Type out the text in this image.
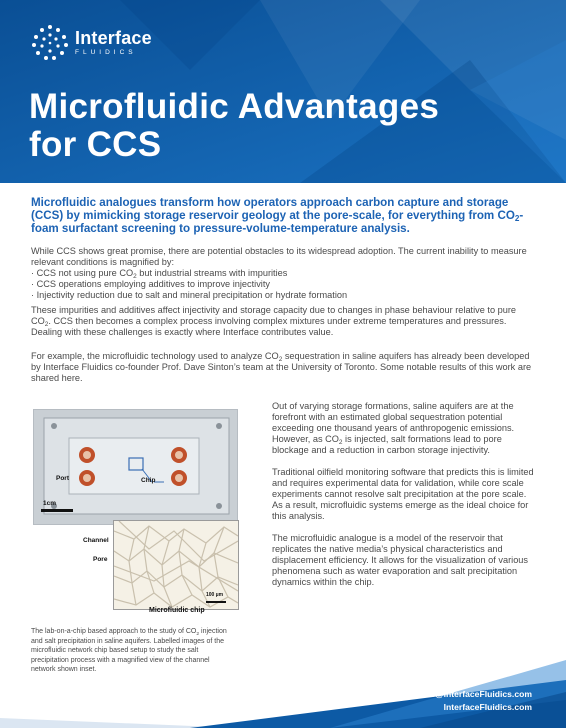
Interface
FLUIDICS
Microfluidic Advantages
for CCS

Microfluidic analogues transform how operators approach carbon capture and storage (CCS) by mimicking storage reservoir geology at the pore-scale, for everything from $CO_2$-foam surfactant screening to pressure-volume-temperature analysis.

While CCS shows great promise, there are potential obstacles to its widespread adoption. The current inability to measure relevant conditions is magnified by:
· CCS not using pure $CO_2$ but industrial streams with impurities
· CCS operations employing additives to improve injectivity
· Injectivity reduction due to salt and mineral precipitation or hydrate formation

These impurities and additives affect injectivity and storage capacity due to changes in phase behaviour relative to pure $CO_2$. CCS then becomes a complex process involving complex mixtures under extreme temperatures and pressures. Dealing with these challenges is exactly where Interface contributes value.

For example, the microfluidic technology used to analyze $CO_2$ sequestration in saline aquifers has already been developed by Interface Fluidics co-founder Prof. Dave Sinton’s team at the University of Toronto. Some notable results of this work are shared here.

Out of varying storage formations, saline aquifers are at the forefront with an estimated global sequestration potential exceeding one thousand years of anthropogenic emissions. However, as $CO_2$ is injected, salt formations lead to pore blockage and a reduction in carbon storage injectivity.

Traditional oilfield monitoring software that predicts this is limited and requires experimental data for validation, while core scale experiments cannot resolve salt precipitation at the pore scale. As a result, microfluidic systems emerge as the ideal choice for this analysis.

The microfluidic analogue is a model of the reservoir that replicates the native media’s physical characteristics and displacement efficiency. It allows for the visualization of various phenomena such as water evaporation and salt precipitation dynamics within the chip.

Port	Chip
1cm
Channel
Pore
100 µm
Microfluidic chip

The lab-on-a-chip based approach to the study of $CO_2$ injection and salt precipitation in saline aquifers. Labelled images of the microfluidic network chip based setup to study the salt precipitation process with a magnified view of the channel network shown inset.

Info@InterfaceFluidics.com
InterfaceFluidics.com
